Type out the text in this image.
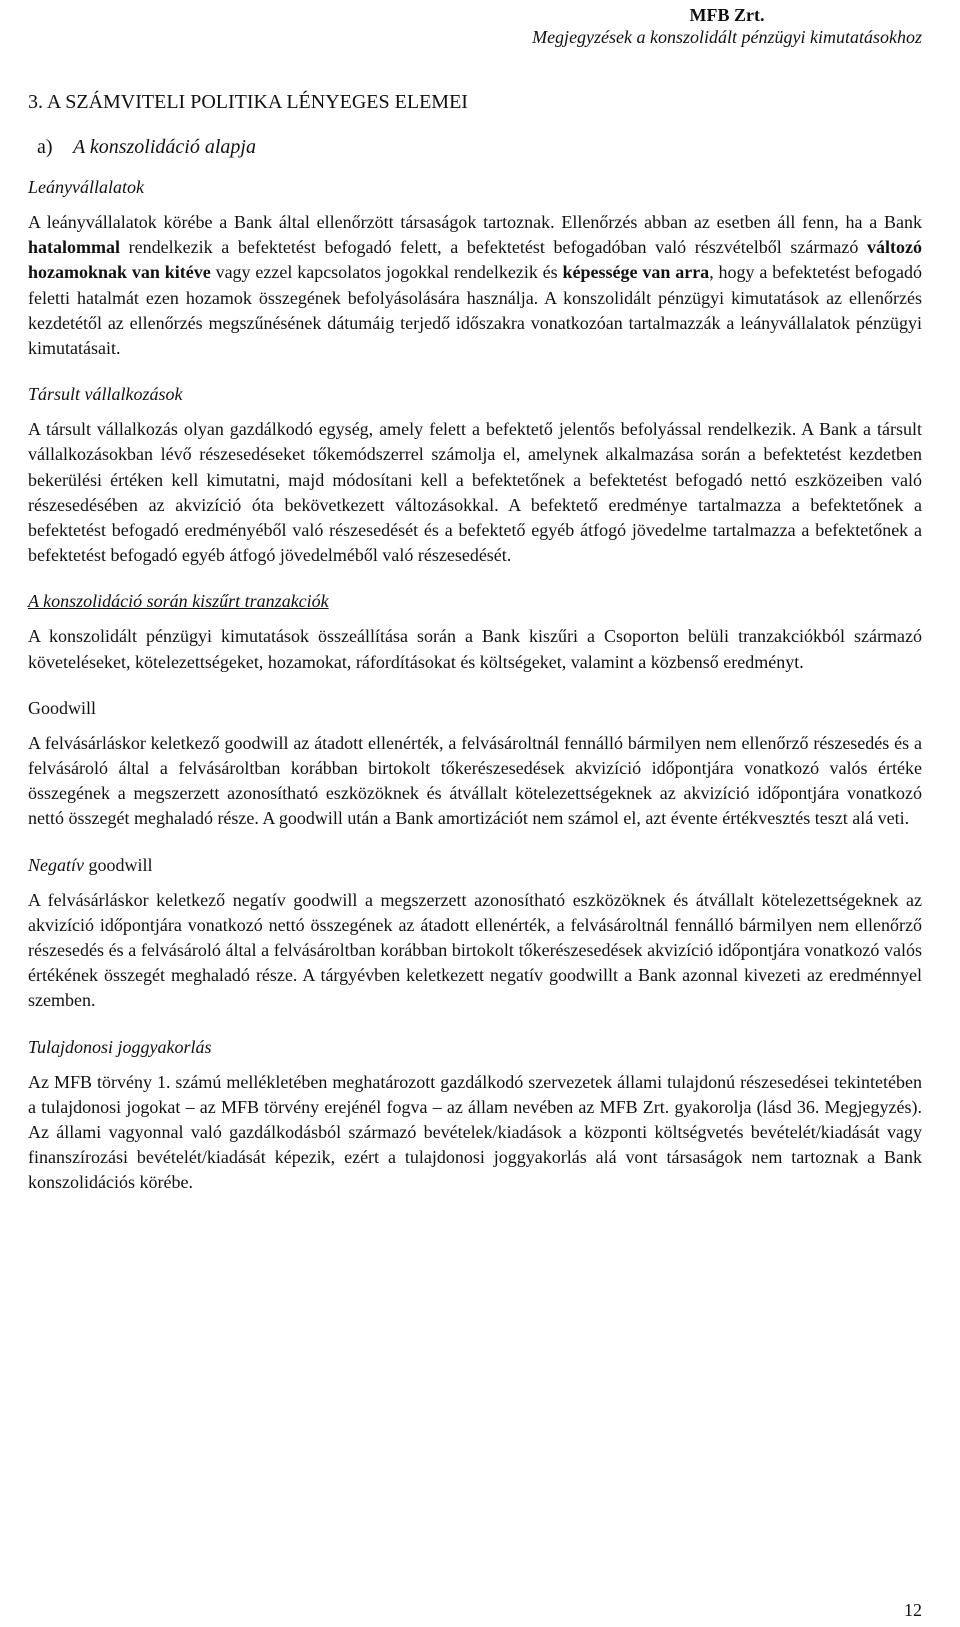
MFB Zrt.
Megjegyzések a konszolidált pénzügyi kimutatásokhoz
3. A SZÁMVITELI POLITIKA LÉNYEGES ELEMEI
a) A konszolidáció alapja
Leányvállalatok

A leányvállalatok körébe a Bank által ellenőrzött társaságok tartoznak. Ellenőrzés abban az esetben áll fenn, ha a Bank hatalommal rendelkezik a befektetést befogadó felett, a befektetést befogadóban való részvételből származó változó hozamoknak van kitéve vagy ezzel kapcsolatos jogokkal rendelkezik és képessége van arra, hogy a befektetést befogadó feletti hatalmát ezen hozamok összegének befolyásolására használja. A konszolidált pénzügyi kimutatások az ellenőrzés kezdetétől az ellenőrzés megszűnésének dátumáig terjedő időszakra vonatkozóan tartalmazzák a leányvállalatok pénzügyi kimutatásait.

Társult vállalkozások

A társult vállalkozás olyan gazdálkodó egység, amely felett a befektető jelentős befolyással rendelkezik. A Bank a társult vállalkozásokban lévő részesedéseket tőkemódszerrel számolja el, amelynek alkalmazása során a befektetést kezdetben bekerülési értéken kell kimutatni, majd módosítani kell a befektetőnek a befektetést befogadó nettó eszközeiben való részesedésében az akvizíció óta bekövetkezett változásokkal. A befektető eredménye tartalmazza a befektetőnek a befektetést befogadó eredményéből való részesedését és a befektető egyéb átfogó jövedelme tartalmazza a befektetőnek a befektetést befogadó egyéb átfogó jövedelméből való részesedését.

A konszolidáció során kiszűrt tranzakciók

A konszolidált pénzügyi kimutatások összeállítása során a Bank kiszűri a Csoporton belüli tranzakciókból származó követeléseket, kötelezettségeket, hozamokat, ráfordításokat és költségeket, valamint a közbenső eredményt.

Goodwill

A felvásárláskor keletkező goodwill az átadott ellenérték, a felvásároltnál fennálló bármilyen nem ellenőrző részesedés és a felvásároló által a felvásároltban korábban birtokolt tőkerészesedések akvizíció időpontjára vonatkozó valós értéke összegének a megszerzett azonosítható eszközöknek és átvállalt kötelezettségeknek az akvizíció időpontjára vonatkozó nettó összegét meghaladó része. A goodwill után a Bank amortizációt nem számol el, azt évente értékvesztés teszt alá veti.

Negatív goodwill

A felvásárláskor keletkező negatív goodwill a megszerzett azonosítható eszközöknek és átvállalt kötelezettségeknek az akvizíció időpontjára vonatkozó nettó összegének az átadott ellenérték, a felvásároltnál fennálló bármilyen nem ellenőrző részesedés és a felvásároló által a felvásároltban korábban birtokolt tőkerészesedések akvizíció időpontjára vonatkozó valós értékének összegét meghaladó része. A tárgyévben keletkezett negatív goodwillt a Bank azonnal kivezeti az eredménnyel szemben.

Tulajdonosi joggyakorlás

Az MFB törvény 1. számú mellékletében meghatározott gazdálkodó szervezetek állami tulajdonú részesedései tekintetében a tulajdonosi jogokat – az MFB törvény erejénél fogva – az állam nevében az MFB Zrt. gyakorolja (lásd 36. Megjegyzés). Az állami vagyonnal való gazdálkodásból származó bevételek/kiadások a központi költségvetés bevételét/kiadását vagy finanszírozási bevételét/kiadását képezik, ezért a tulajdonosi joggyakorlás alá vont társaságok nem tartoznak a Bank konszolidációs körébe.

12
